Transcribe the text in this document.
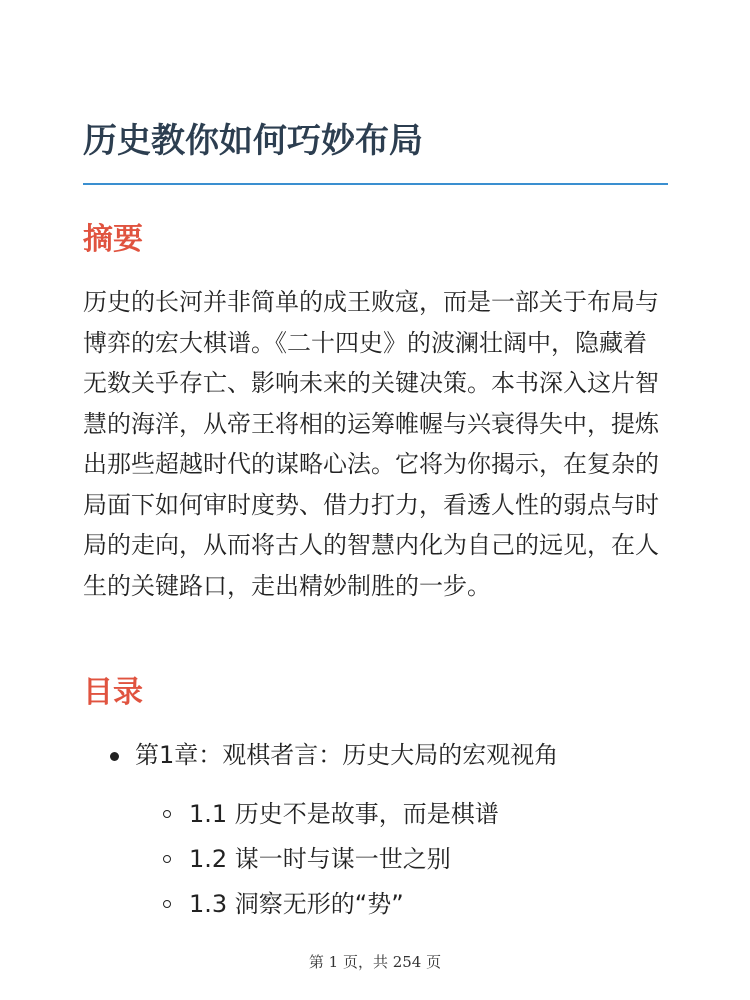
历史教你如何巧妙布局
摘要

历史的长河并非简单的成王败寇，而是一部关于布局与博弈的宏大棋谱。《二十四史》的波澜壮阔中，隐藏着无数关乎存亡、影响未来的关键决策。本书深入这片智慧的海洋，从帝王将相的运筹帷幄与兴衰得失中，提炼出那些超越时代的谋略心法。它将为你揭示，在复杂的局面下如何审时度势、借力打力，看透人性的弱点与时局的走向，从而将古人的智慧内化为自己的远见，在人生的关键路口，走出精妙制胜的一步。

目录
第1章：观棋者言：历史大局的宏观视角
1.1 历史不是故事，而是棋谱
1.2 谋一时与谋一世之别
1.3 洞察无形的“势”
第 1 页，共 254 页
